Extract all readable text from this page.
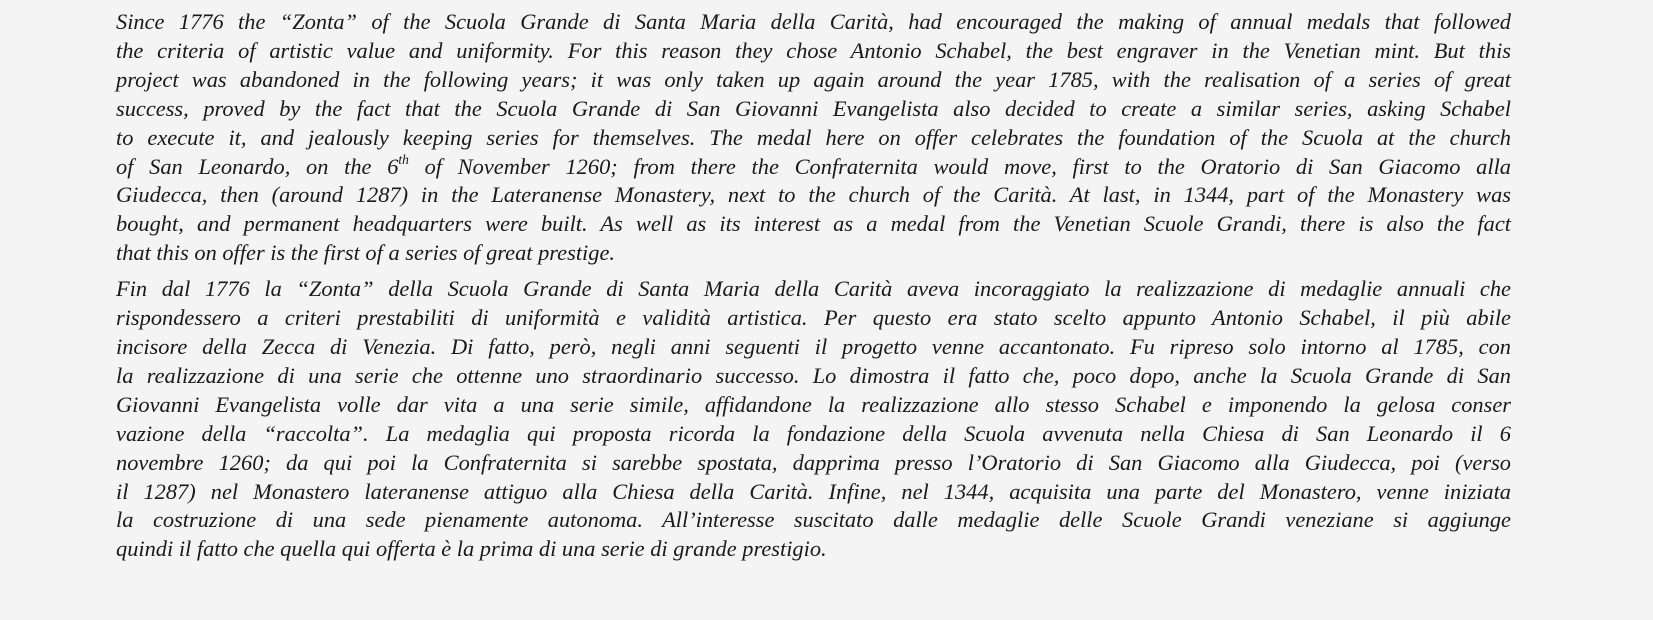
Since 1776 the “Zonta” of the Scuola Grande di Santa Maria della Carità, had encouraged the making of annual medals that followed
the criteria of artistic value and uniformity. For this reason they chose Antonio Schabel, the best engraver in the Venetian mint. But this
project was abandoned in the following years; it was only taken up again around the year 1785, with the realisation of a series of great
success, proved by the fact that the Scuola Grande di San Giovanni Evangelista also decided to create a similar series, asking Schabel
to execute it, and jealously keeping series for themselves. The medal here on offer celebrates the foundation of the Scuola at the church
of San Leonardo, on the 6th of November 1260; from there the Confraternita would move, first to the Oratorio di San Giacomo alla
Giudecca, then (around 1287) in the Lateranense Monastery, next to the church of the Carità. At last, in 1344, part of the Monastery was
bought, and permanent headquarters were built. As well as its interest as a medal from the Venetian Scuole Grandi, there is also the fact
that this on offer is the first of a series of great prestige.

Fin dal 1776 la “Zonta” della Scuola Grande di Santa Maria della Carità aveva incoraggiato la realizzazione di medaglie annuali che
rispondessero a criteri prestabiliti di uniformità e validità artistica. Per questo era stato scelto appunto Antonio Schabel, il più abile
incisore della Zecca di Venezia. Di fatto, però, negli anni seguenti il progetto venne accantonato. Fu ripreso solo intorno al 1785, con
la realizzazione di una serie che ottenne uno straordinario successo. Lo dimostra il fatto che, poco dopo, anche la Scuola Grande di San
Giovanni Evangelista volle dar vita a una serie simile, affidandone la realizzazione allo stesso Schabel e imponendo la gelosa conser
vazione della “raccolta”. La medaglia qui proposta ricorda la fondazione della Scuola avvenuta nella Chiesa di San Leonardo il 6
novembre 1260; da qui poi la Confraternita si sarebbe spostata, dapprima presso l’Oratorio di San Giacomo alla Giudecca, poi (verso
il 1287) nel Monastero lateranense attiguo alla Chiesa della Carità. Infine, nel 1344, acquisita una parte del Monastero, venne iniziata
la costruzione di una sede pienamente autonoma. All’interesse suscitato dalle medaglie delle Scuole Grandi veneziane si aggiunge
quindi il fatto che quella qui offerta è la prima di una serie di grande prestigio.
